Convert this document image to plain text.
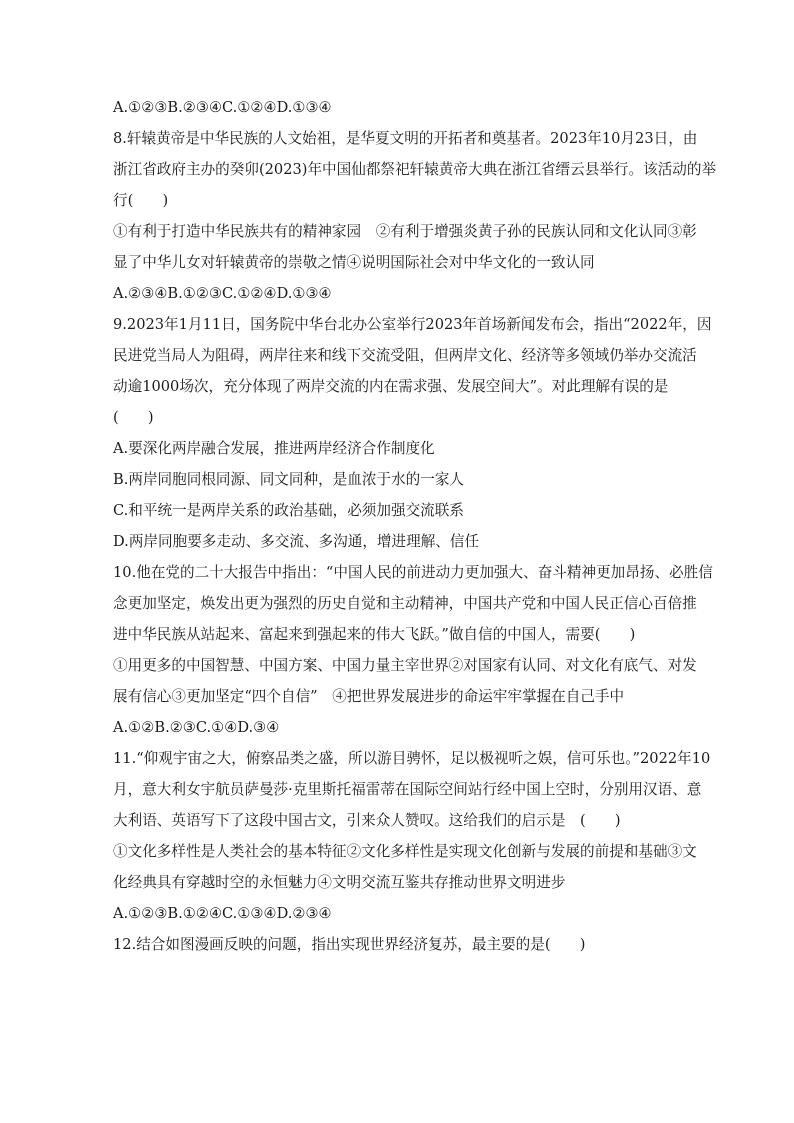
A.①②③B.②③④C.①②④D.①③④
8.轩辕黄帝是中华民族的人文始祖，是华夏文明的开拓者和奠基者。2023年10月23日，由
浙江省政府主办的癸卯(2023)年中国仙都祭祀轩辕黄帝大典在浙江省缙云县举行。该活动的举
行(　　)
①有利于打造中华民族共有的精神家园　②有利于增强炎黄子孙的民族认同和文化认同③彰
显了中华儿女对轩辕黄帝的崇敬之情④说明国际社会对中华文化的一致认同
A.②③④B.①②③C.①②④D.①③④
9.2023年1月11日，国务院中华台北办公室举行2023年首场新闻发布会，指出“2022年，因
民进党当局人为阻碍，两岸往来和线下交流受阻，但两岸文化、经济等多领域仍举办交流活
动逾1000场次，充分体现了两岸交流的内在需求强、发展空间大”。对此理解有误的是
(　　)
A.要深化两岸融合发展，推进两岸经济合作制度化
B.两岸同胞同根同源、同文同种，是血浓于水的一家人
C.和平统一是两岸关系的政治基础，必须加强交流联系
D.两岸同胞要多走动、多交流、多沟通，增进理解、信任
10.他在党的二十大报告中指出：“中国人民的前进动力更加强大、奋斗精神更加昂扬、必胜信
念更加坚定，焕发出更为强烈的历史自觉和主动精神，中国共产党和中国人民正信心百倍推
进中华民族从站起来、富起来到强起来的伟大飞跃。”做自信的中国人，需要(　　)
①用更多的中国智慧、中国方案、中国力量主宰世界②对国家有认同、对文化有底气、对发
展有信心③更加坚定“四个自信”　④把世界发展进步的命运牢牢掌握在自己手中
A.①②B.②③C.①④D.③④
11.“仰观宇宙之大，俯察品类之盛，所以游目骋怀，足以极视听之娱，信可乐也。”2022年10
月，意大利女宇航员萨曼莎·克里斯托福雷蒂在国际空间站行经中国上空时，分别用汉语、意
大利语、英语写下了这段中国古文，引来众人赞叹。这给我们的启示是　(　　)
①文化多样性是人类社会的基本特征②文化多样性是实现文化创新与发展的前提和基础③文
化经典具有穿越时空的永恒魅力④文明交流互鉴共存推动世界文明进步
A.①②③B.①②④C.①③④D.②③④
12.结合如图漫画反映的问题，指出实现世界经济复苏，最主要的是(　　)
